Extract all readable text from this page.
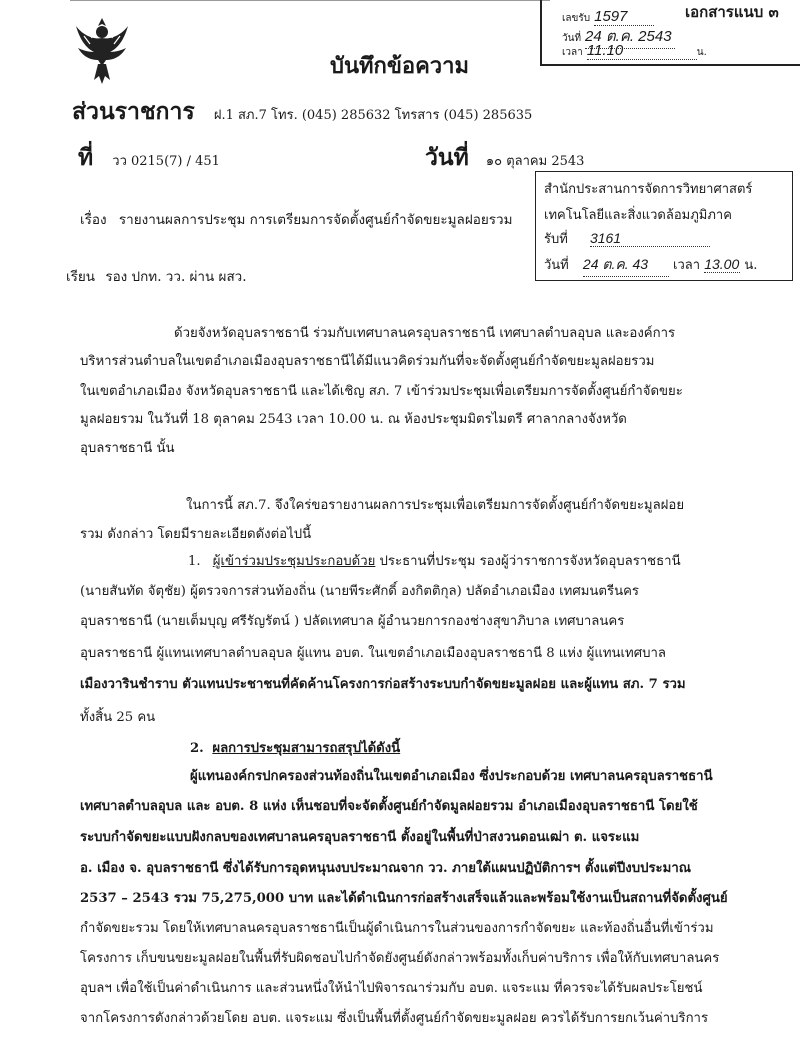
เอกสารแนบ ๓
เลขรับ 1597
วันที่ 24 ต.ค. 2543
เวลา 11.10	น.
บันทึกข้อความ
ส่วนราชการ ฝ.1 สภ.7 โทร. (045) 285632 โทรสาร (045) 285635
ที่ วว 0215(7) / 451	วันที่ ๑๐ ตุลาคม 2543
สำนักประสานการจัดการวิทยาศาสตร์
เทคโนโลยีและสิ่งแวดล้อมภูมิภาค
รับที่ 3161
วันที่ 24 ต.ค. 43 เวลา 13.00 น.
เรื่อง รายงานผลการประชุม การเตรียมการจัดตั้งศูนย์กำจัดขยะมูลฝอยรวม
เรียน รอง ปกท. วว. ผ่าน ผสว.
ด้วยจังหวัดอุบลราชธานี ร่วมกับเทศบาลนครอุบลราชธานี เทศบาลตำบลอุบล และองค์การ
บริหารส่วนตำบลในเขตอำเภอเมืองอุบลราชธานีได้มีแนวคิดร่วมกันที่จะจัดตั้งศูนย์กำจัดขยะมูลฝอยรวม
ในเขตอำเภอเมือง จังหวัดอุบลราชธานี และได้เชิญ สภ. 7 เข้าร่วมประชุมเพื่อเตรียมการจัดตั้งศูนย์กำจัดขยะ
มูลฝอยรวม ในวันที่ 18 ตุลาคม 2543 เวลา 10.00 น. ณ ห้องประชุมมิตรไมตรี ศาลากลางจังหวัด
อุบลราชธานี นั้น
ในการนี้ สภ.7. จึงใคร่ขอรายงานผลการประชุมเพื่อเตรียมการจัดตั้งศูนย์กำจัดขยะมูลฝอย
รวม ดังกล่าว โดยมีรายละเอียดดังต่อไปนี้
1. ผู้เข้าร่วมประชุมประกอบด้วย ประธานที่ประชุม รองผู้ว่าราชการจังหวัดอุบลราชธานี
(นายสันทัด จัตุชัย) ผู้ตรวจการส่วนท้องถิ่น (นายพีระศักดิ์ องกิตติกุล) ปลัดอำเภอเมือง เทศมนตรีนคร
อุบลราชธานี (นายเต็มบุญ ศรีรัญรัตน์ ) ปลัดเทศบาล ผู้อำนวยการกองช่างสุขาภิบาล เทศบาลนคร
อุบลราชธานี ผู้แทนเทศบาลตำบลอุบล ผู้แทน อบต. ในเขตอำเภอเมืองอุบลราชธานี 8 แห่ง ผู้แทนเทศบาล
เมืองวารินชำราบ ตัวแทนประชาชนที่คัดค้านโครงการก่อสร้างระบบกำจัดขยะมูลฝอย และผู้แทน สภ. 7 รวม
ทั้งสิ้น 25 คน
2. ผลการประชุมสามารถสรุปได้ดังนี้
ผู้แทนองค์กรปกครองส่วนท้องถิ่นในเขตอำเภอเมือง ซึ่งประกอบด้วย เทศบาลนครอุบลราชธานี
เทศบาลตำบลอุบล และ อบต. 8 แห่ง เห็นชอบที่จะจัดตั้งศูนย์กำจัดมูลฝอยรวม อำเภอเมืองอุบลราชธานี โดยใช้
ระบบกำจัดขยะแบบฝังกลบของเทศบาลนครอุบลราชธานี ตั้งอยู่ในพื้นที่ป่าสงวนดอนเฒ่า ต. แจระแม
อ. เมือง จ. อุบลราชธานี ซึ่งได้รับการอุดหนุนงบประมาณจาก วว. ภายใต้แผนปฏิบัติการฯ ตั้งแต่ปีงบประมาณ
2537 – 2543 รวม 75,275,000 บาท และได้ดำเนินการก่อสร้างเสร็จแล้วและพร้อมใช้งานเป็นสถานที่จัดตั้งศูนย์
กำจัดขยะรวม โดยให้เทศบาลนครอุบลราชธานีเป็นผู้ดำเนินการในส่วนของการกำจัดขยะ และท้องถิ่นอื่นที่เข้าร่วม
โครงการ เก็บขนขยะมูลฝอยในพื้นที่รับผิดชอบไปกำจัดยังศูนย์ดังกล่าวพร้อมทั้งเก็บค่าบริการ เพื่อให้กับเทศบาลนคร
อุบลฯ เพื่อใช้เป็นค่าดำเนินการ และส่วนหนึ่งให้นำไปพิจารณาร่วมกับ อบต. แจระแม ที่ควรจะได้รับผลประโยชน์
จากโครงการดังกล่าวด้วยโดย อบต. แจระแม ซึ่งเป็นพื้นที่ตั้งศูนย์กำจัดขยะมูลฝอย ควรได้รับการยกเว้นค่าบริการ
